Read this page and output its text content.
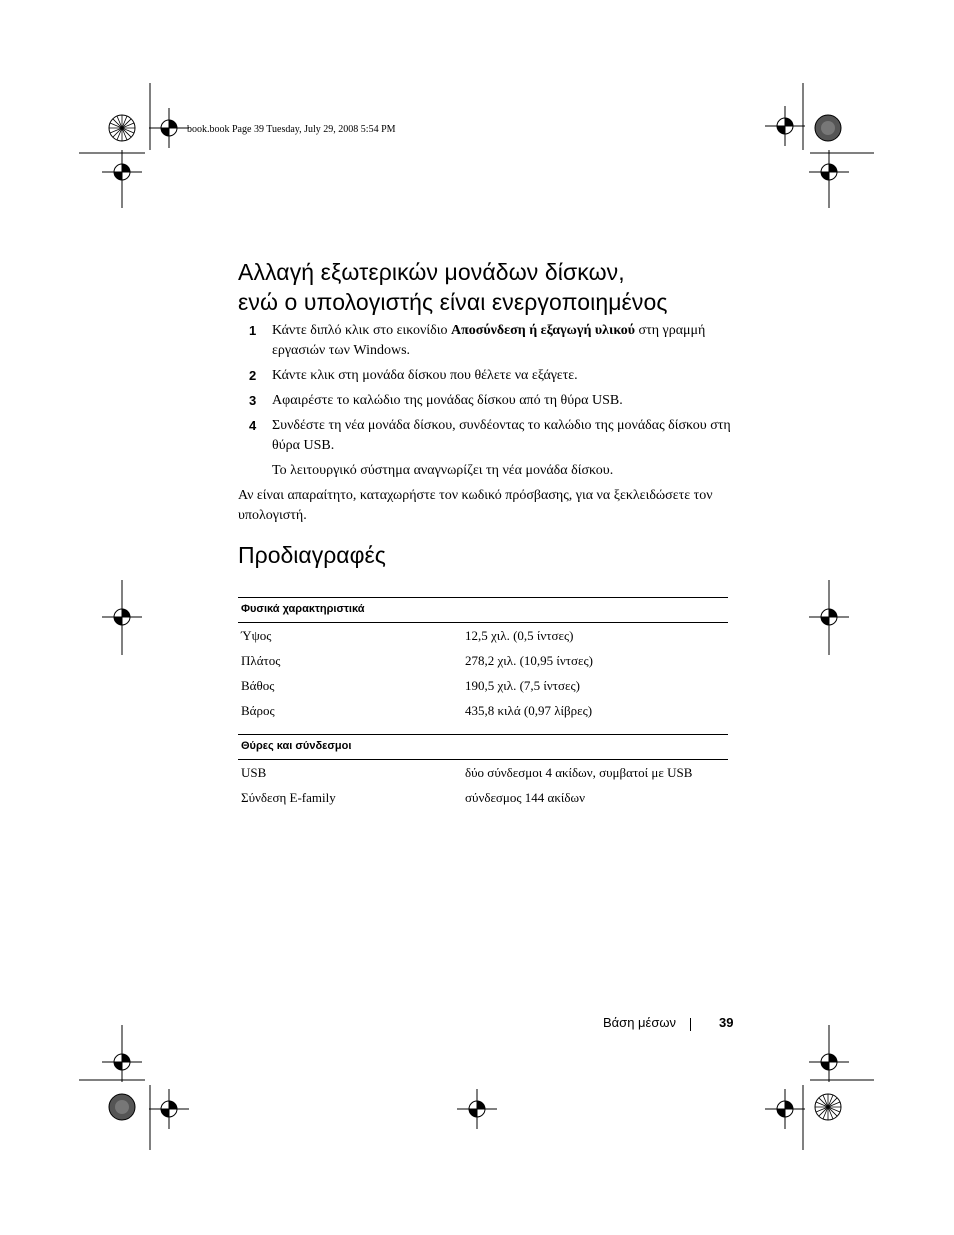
book.book Page 39 Tuesday, July 29, 2008 5:54 PM
Αλλαγή εξωτερικών μονάδων δίσκων,
ενώ ο υπολογιστής είναι ενεργοποιημένος
1 Κάντε διπλό κλικ στο εικονίδιο Αποσύνδεση ή εξαγωγή υλικού στη γραμμή εργασιών των Windows.
2 Κάντε κλικ στη μονάδα δίσκου που θέλετε να εξάγετε.
3 Αφαιρέστε το καλώδιο της μονάδας δίσκου από τη θύρα USB.
4 Συνδέστε τη νέα μονάδα δίσκου, συνδέοντας το καλώδιο της μονάδας δίσκου στη θύρα USB.
Το λειτουργικό σύστημα αναγνωρίζει τη νέα μονάδα δίσκου.

Αν είναι απαραίτητο, καταχωρήστε τον κωδικό πρόσβασης, για να ξεκλειδώσετε τον υπολογιστή.

Προδιαγραφές
Φυσικά χαρακτηριστικά
Ύψος	12,5 χιλ. (0,5 ίντσες)
Πλάτος	278,2 χιλ. (10,95 ίντσες)
Βάθος	190,5 χιλ. (7,5 ίντσες)
Βάρος	435,8 κιλά (0,97 λίβρες)
Θύρες και σύνδεσμοι
USB	δύο σύνδεσμοι 4 ακίδων, συμβατοί με USB
Σύνδεση E-family	σύνδεσμος 144 ακίδων
Βάση μέσων	39
